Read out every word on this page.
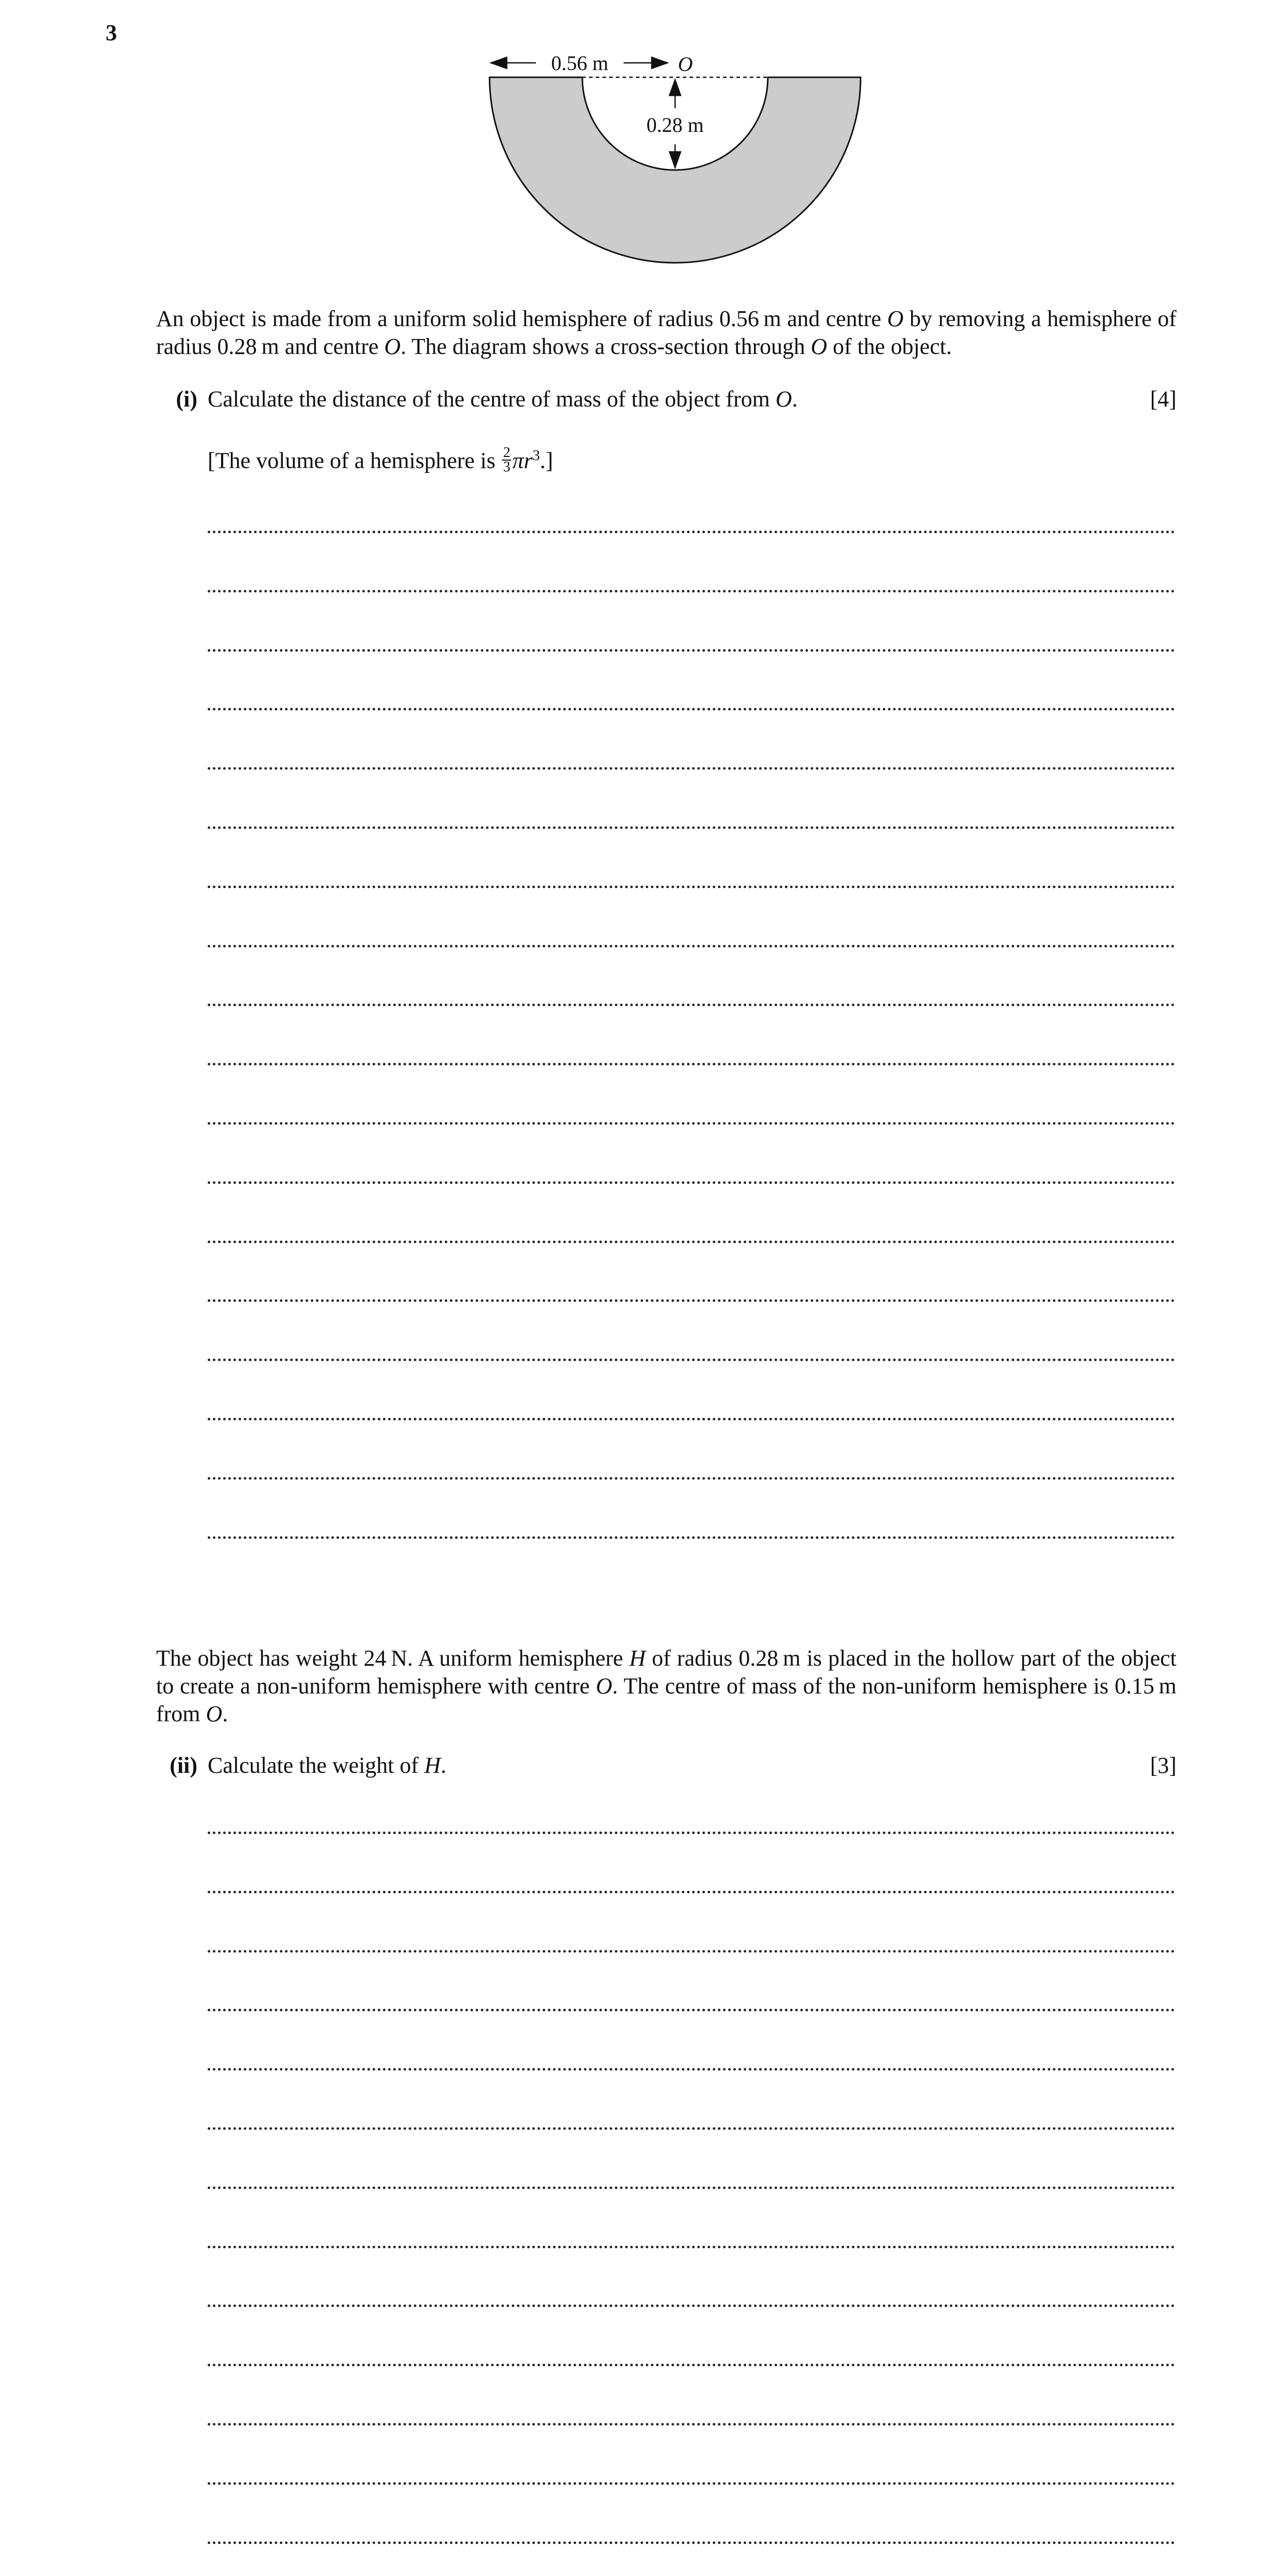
3
0.56 m	O
0.28 m

An object is made from a uniform solid hemisphere of radius 0.56 m and centre O by removing a hemisphere of radius 0.28 m and centre O. The diagram shows a cross-section through O of the object.

(i) Calculate the distance of the centre of mass of the object from O.	[4]
[The volume of a hemisphere is $\frac{2}{3} \pi r^3$.]

The object has weight 24 N. A uniform hemisphere H of radius 0.28 m is placed in the hollow part of the object to create a non-uniform hemisphere with centre O. The centre of mass of the non-uniform hemisphere is 0.15 m from O.

(ii) Calculate the weight of H.	[3]
